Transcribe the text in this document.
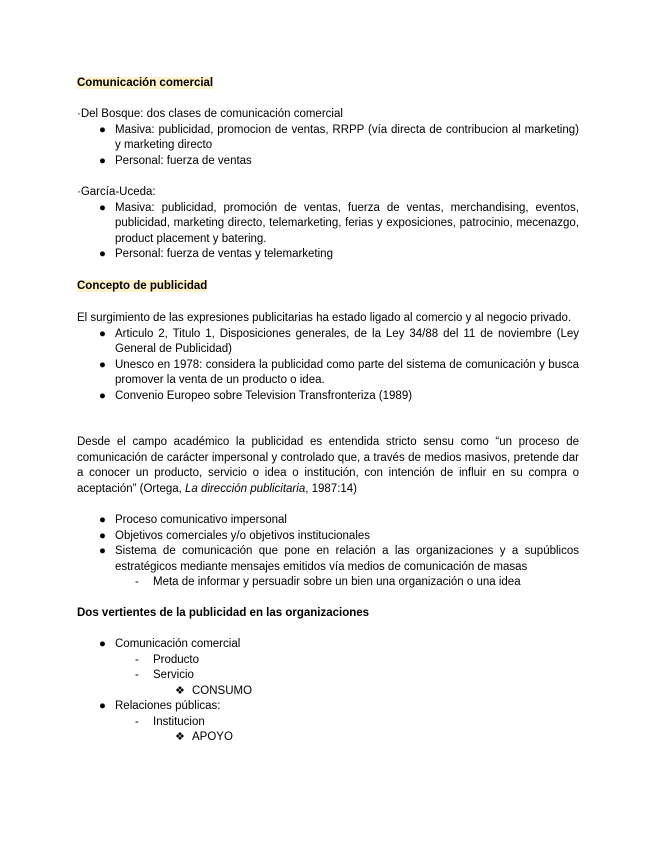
Comunicación comercial
·Del Bosque: dos clases de comunicación comercial
● Masiva: publicidad, promocion de ventas, RRPP (vía directa de contribucion al marketing) y marketing directo
● Personal: fuerza de ventas
·García-Uceda:
● Masiva: publicidad, promoción de ventas, fuerza de ventas, merchandising, eventos, publicidad, marketing directo, telemarketing, ferias y exposiciones, patrocinio, mecenazgo, product placement y batering.
● Personal: fuerza de ventas y telemarketing
Concepto de publicidad
El surgimiento de las expresiones publicitarias ha estado ligado al comercio y al negocio privado.
● Articulo 2, Titulo 1, Disposiciones generales, de la Ley 34/88 del 11 de noviembre (Ley General de Publicidad)
● Unesco en 1978: considera la publicidad como parte del sistema de comunicación y busca promover la venta de un producto o idea.
● Convenio Europeo sobre Television Transfronteriza (1989)
Desde el campo académico la publicidad es entendida stricto sensu como “un proceso de comunicación de carácter impersonal y controlado que, a través de medios masivos, pretende dar a conocer un producto, servicio o idea o institución, con intención de influir en su compra o aceptación” (Ortega, La dirección publicitaria, 1987:14)
● Proceso comunicativo impersonal
● Objetivos comerciales y/o objetivos institucionales
● Sistema de comunicación que pone en relación a las organizaciones y a supúblicos estratégicos mediante mensajes emitidos vía medios de comunicación de masas
- Meta de informar y persuadir sobre un bien una organización o una idea
Dos vertientes de la publicidad en las organizaciones
● Comunicación comercial
- Producto
- Servicio
❖ CONSUMO
● Relaciones públicas:
- Institucion
❖ APOYO
